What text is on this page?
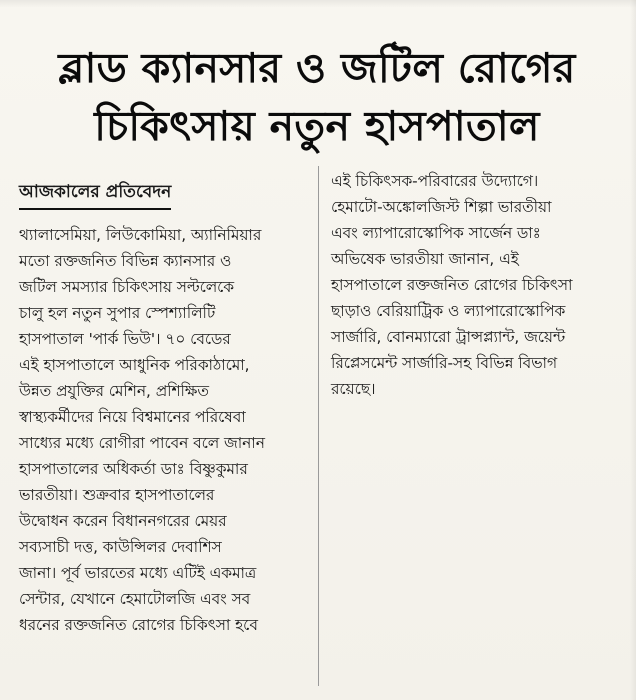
ব্লাড ক্যানসার ও জটিল রোগের
চিকিৎসায় নতুন হাসপাতাল
আজকালের প্রতিবেদন

থ্যালাসেমিয়া, লিউকোমিয়া, অ্যানিমিয়ার
মতো রক্তজনিত বিভিন্ন ক্যানসার ও
জটিল সমস্যার চিকিৎসায় সল্টলেকে
চালু হল নতুন সুপার স্পেশ্যালিটি
হাসপাতাল 'পার্ক ভিউ'। ৭০ বেডের
এই হাসপাতালে আধুনিক পরিকাঠামো,
উন্নত প্রযুক্তির মেশিন, প্রশিক্ষিত
স্বাস্থ্যকর্মীদের নিয়ে বিশ্বমানের পরিষেবা
সাধ্যের মধ্যে রোগীরা পাবেন বলে জানান
হাসপাতালের অধিকর্তা ডাঃ বিষ্ণুকুমার
ভারতীয়া। শুক্রবার হাসপাতালের
উদ্বোধন করেন বিধাননগরের মেয়র
সব্যসাচী দত্ত, কাউন্সিলর দেবাশিস
জানা। পূর্ব ভারতের মধ্যে এটিই একমাত্র
সেন্টার, যেখানে হেমাটোলজি এবং সব
ধরনের রক্তজনিত রোগের চিকিৎসা হবে

এই চিকিৎসক-পরিবারের উদ্যোগে।
হেমাটো-অঙ্কোলজিস্ট শিল্পা ভারতীয়া
এবং ল্যাপারোস্কোপিক সার্জেন ডাঃ
অভিষেক ভারতীয়া জানান, এই
হাসপাতালে রক্তজনিত রোগের চিকিৎসা
ছাড়াও বেরিয়াট্রিক ও ল্যাপারোস্কোপিক
সার্জারি, বোনম্যারো ট্রান্সপ্ল্যান্ট, জয়েন্ট
রিপ্লেসমেন্ট সার্জারি-সহ বিভিন্ন বিভাগ
রয়েছে।
